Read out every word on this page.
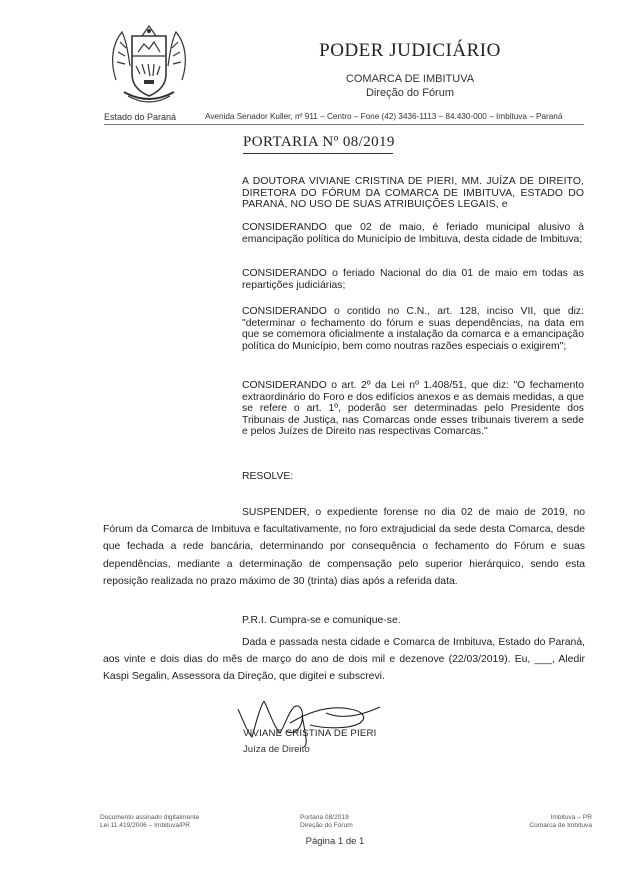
PODER JUDICIÁRIO
COMARCA DE IMBITUVA
Direção do Fórum
Estado do Paraná	Avenida Senador Kuller, nº 911 – Centro – Fone (42) 3436-1113 – 84.430-000 – Imbituva – Paraná
PORTARIA Nº 08/2019
A DOUTORA VIVIANE CRISTINA DE PIERI, MM. JUÍZA DE DIREITO, DIRETORA DO FÓRUM DA COMARCA DE IMBITUVA, ESTADO DO PARANÁ, NO USO DE SUAS ATRIBUIÇÕES LEGAIS, e
CONSIDERANDO que 02 de maio, é feriado municipal alusivo à emancipação política do Município de Imbituva, desta cidade de Imbituva;
CONSIDERANDO o feriado Nacional do dia 01 de maio em todas as repartições judiciárias;
CONSIDERANDO o contido no C.N., art. 128, inciso VII, que diz: "determinar o fechamento do fórum e suas dependências, na data em que se comemora oficialmente a instalação da comarca e a emancipação política do Município, bem como noutras razões especiais o exigirem";
CONSIDERANDO o art. 2º da Lei nº 1.408/51, que diz: "O fechamento extraordinário do Foro e dos edifícios anexos e as demais medidas, a que se refere o art. 1º, poderão ser determinadas pelo Presidente dos Tribunais de Justiça, nas Comarcas onde esses tribunais tiverem a sede e pelos Juízes de Direito nas respectivas Comarcas."
RESOLVE:
SUSPENDER, o expediente forense no dia 02 de maio de 2019, no Fórum da Comarca de Imbituva e facultativamente, no foro extrajudicial da sede desta Comarca, desde que fechada a rede bancária, determinando por consequência o fechamento do Fórum e suas dependências, mediante a determinação de compensação pelo superior hierárquico, sendo esta reposição realizada no prazo máximo de 30 (trinta) dias após a referida data.
P.R.I. Cumpra-se e comunique-se.
Dada e passada nesta cidade e Comarca de Imbituva, Estado do Paraná, aos vinte e dois dias do mês de março do ano de dois mil e dezenove (22/03/2019). Eu, ___, Aledir Kaspi Segalin, Assessora da Direção, que digitei e subscrevi.
VIVIANE CRISTINA DE PIERI
Juíza de Direito
Documento assinado digitalmente
Lei 11.419/2006 – Imbituva/PR
Portaria 08/2019
Direção do Fórum
Imbituva – PR
Comarca de Imbituva
Página 1 de 1
